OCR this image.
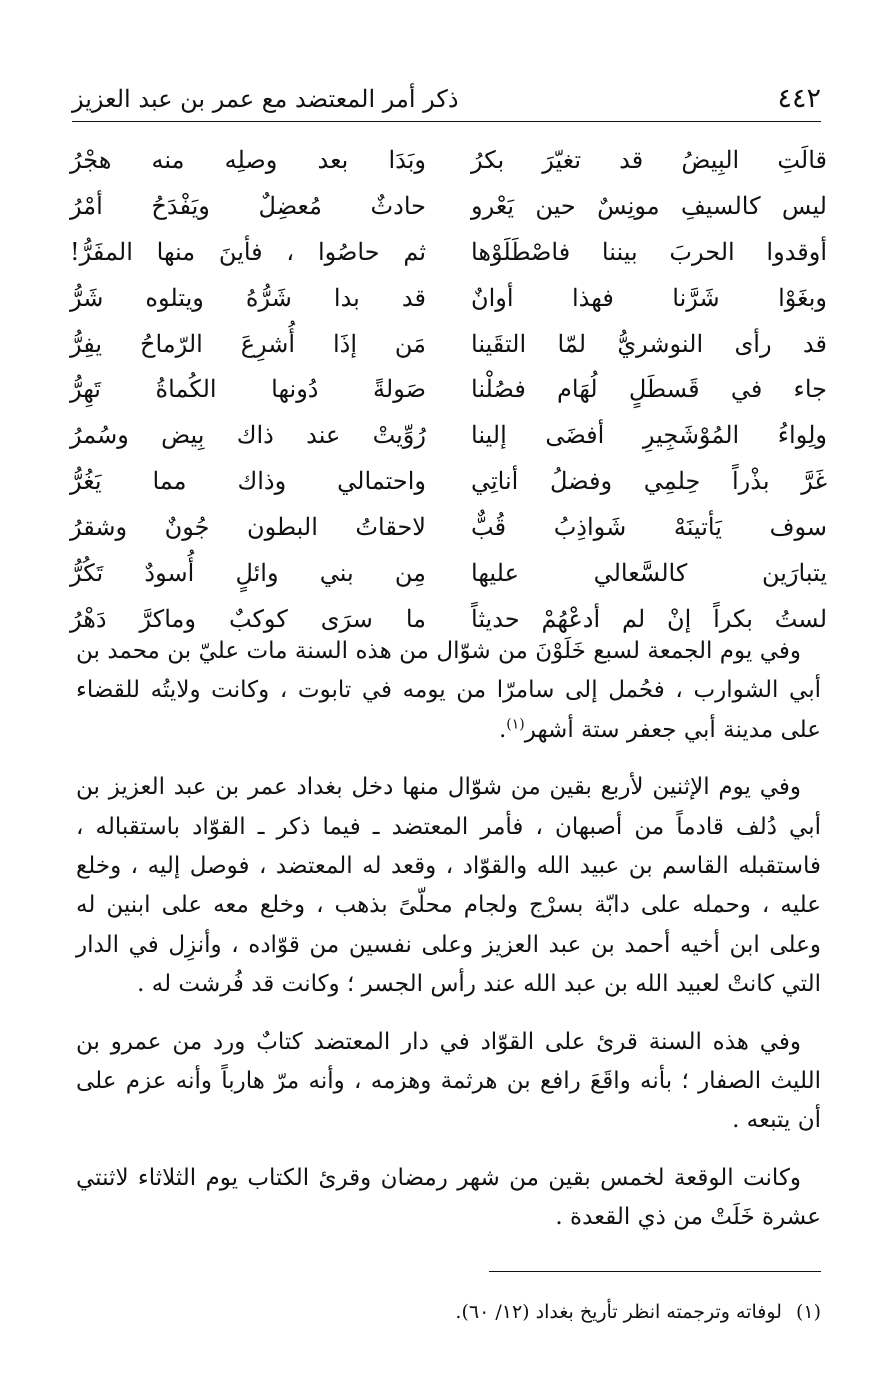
٤٤٢
ذكر أمر المعتضد مع عمر بن عبد العزيز
قالَتِ البِيضُ قد تغيّرَ بكرُ
وبَدَا بعد وصلِه منه هجْرُ
ليس كالسيفِ مونِسٌ حين يَعْرو
حادثٌ مُعضِلٌ ويَفْدَحُ أمْرُ
أوقدوا الحربَ بيننا فاصْطَلَوْها
ثم حاصُوا ، فأينَ منها المفَرُّ!
وبغَوْا شَرَّنا فهذا أوانٌ
قد بدا شَرُّهُ ويتلوه شَرُّ
قد رأى النوشريُّ لمّا التقَينا
مَن إذَا أُشرِعَ الرّماحُ يفِرُّ
جاء في قَسطَلٍ لُهَام فصُلْنا
صَولةً دُونها الكُماةُ تَهِرُّ
ولِواءُ المُوْشَجِيرِ أفضَى إلينا
رُوِّيتْ عند ذاك بِيض وسُمرُ
غَرَّ بذْراً حِلمِي وفضلُ أناتِي
واحتمالي وذاك مما يَغُرُّ
سوف يَأتينَهْ شَواذِبُ قُبٌّ
لاحقاتُ البطون جُونٌ وشقرُ
يتبارَين كالسَّعالي عليها
مِن بني وائلٍ أُسودٌ تَكُرُّ
لستُ بكراً إنْ لم أدعْهُمْ حديثاً
ما سرَى كوكبٌ وماكرَّ دَهْرُ

وفي يوم الجمعة لسبع خَلَوْنَ من شوّال من هذه السنة مات عليّ بن محمد بن أبي الشوارب ، فحُمل إلى سامرّا من يومه في تابوت ، وكانت ولايتُه للقضاء على مدينة أبي جعفر ستة أشهر$^{(١)}$.

وفي يوم الإثنين لأربع بقين من شوّال منها دخل بغداد عمر بن عبد العزيز بن أبي دُلف قادماً من أصبهان ، فأمر المعتضد ـ فيما ذكر ـ القوّاد باستقباله ، فاستقبله القاسم بن عبيد الله والقوّاد ، وقعد له المعتضد ، فوصل إليه ، وخلع عليه ، وحمله على دابّة بسرْج ولجام محلّىً بذهب ، وخلع معه على ابنين له وعلى ابن أخيه أحمد بن عبد العزيز وعلى نفسين من قوّاده ، وأنزِل في الدار التي كانتْ لعبيد الله بن عبد الله عند رأس الجسر ؛ وكانت قد فُرشت له .

وفي هذه السنة قرئ على القوّاد في دار المعتضد كتابٌ ورد من عمرو بن الليث الصفار ؛ بأنه واقَعَ رافع بن هرثمة وهزمه ، وأنه مرّ هارباً وأنه عزم على أن يتبعه .

وكانت الوقعة لخمس بقين من شهر رمضان وقرئ الكتاب يوم الثلاثاء لاثنتي عشرة خَلَتْ من ذي القعدة .

(١)لوفاته وترجمته انظر تأريخ بغداد (١٢/ ٦٠).
